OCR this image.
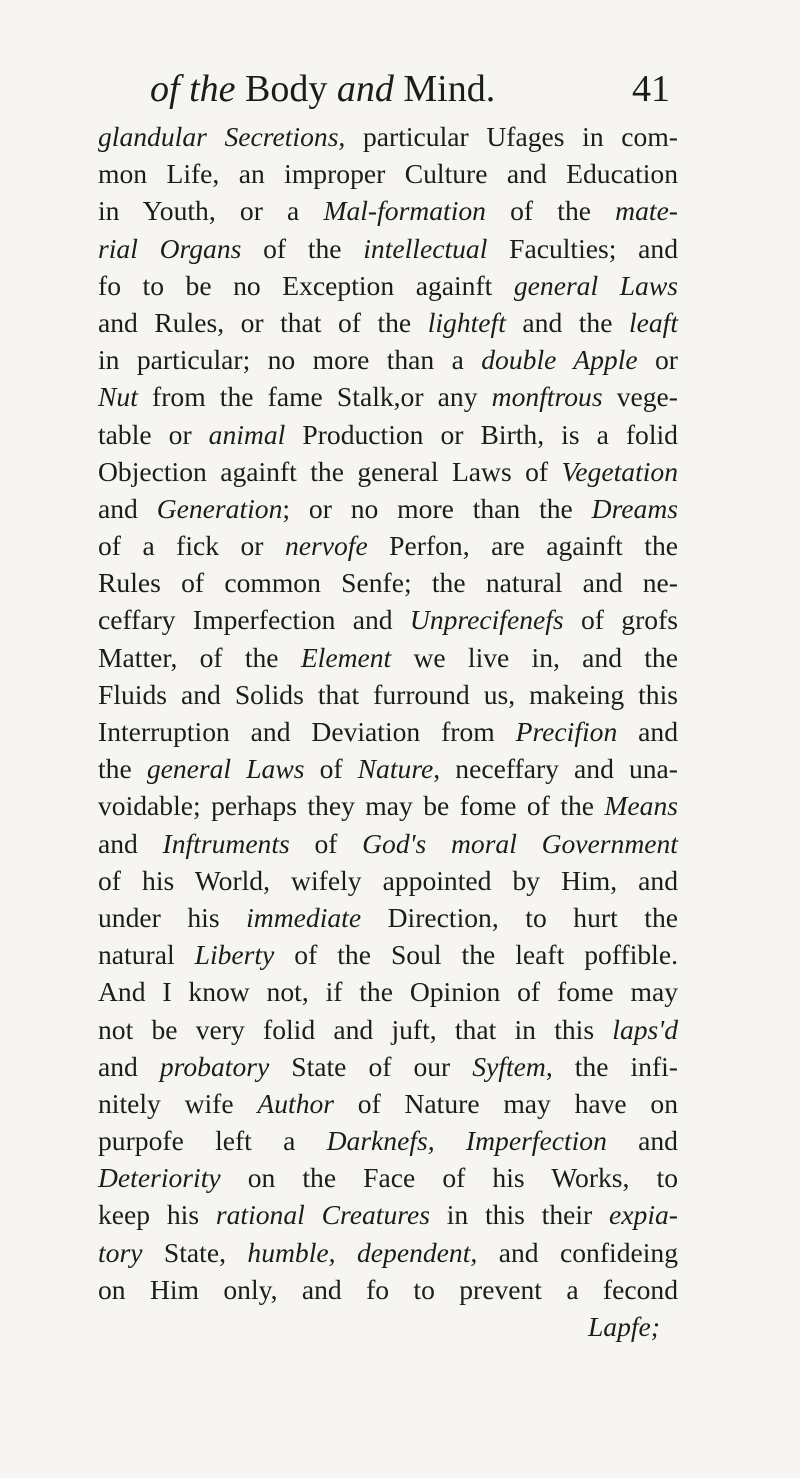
of the Body and Mind.	41
glandular Secretions, particular Ufages in com-
mon Life, an improper Culture and Education
in Youth, or a Mal-formation of the mate-
rial Organs of the intellectual Faculties; and
fo to be no Exception againft general Laws
and Rules, or that of the lighteft and the leaft
in particular; no more than a double Apple or
Nut from the fame Stalk,or any monftrous vege-
table or animal Production or Birth, is a folid
Objection againft the general Laws of Vegetation
and Generation; or no more than the Dreams
of a fick or nervofe Perfon, are againft the
Rules of common Senfe; the natural and ne-
ceffary Imperfection and Unprecifenefs of grofs
Matter, of the Element we live in, and the
Fluids and Solids that furround us, makeing this
Interruption and Deviation from Precifion and
the general Laws of Nature, neceffary and una-
voidable; perhaps they may be fome of the Means
and Inftruments of God's moral Government
of his World, wifely appointed by Him, and
under his immediate Direction, to hurt the
natural Liberty of the Soul the leaft poffible.
And I know not, if the Opinion of fome may
not be very folid and juft, that in this laps'd
and probatory State of our Syftem, the infi-
nitely wife Author of Nature may have on
purpofe left a Darknefs, Imperfection and
Deteriority on the Face of his Works, to
keep his rational Creatures in this their expia-
tory State, humble, dependent, and confideing
on Him only, and fo to prevent a fecond
Lapfe;
